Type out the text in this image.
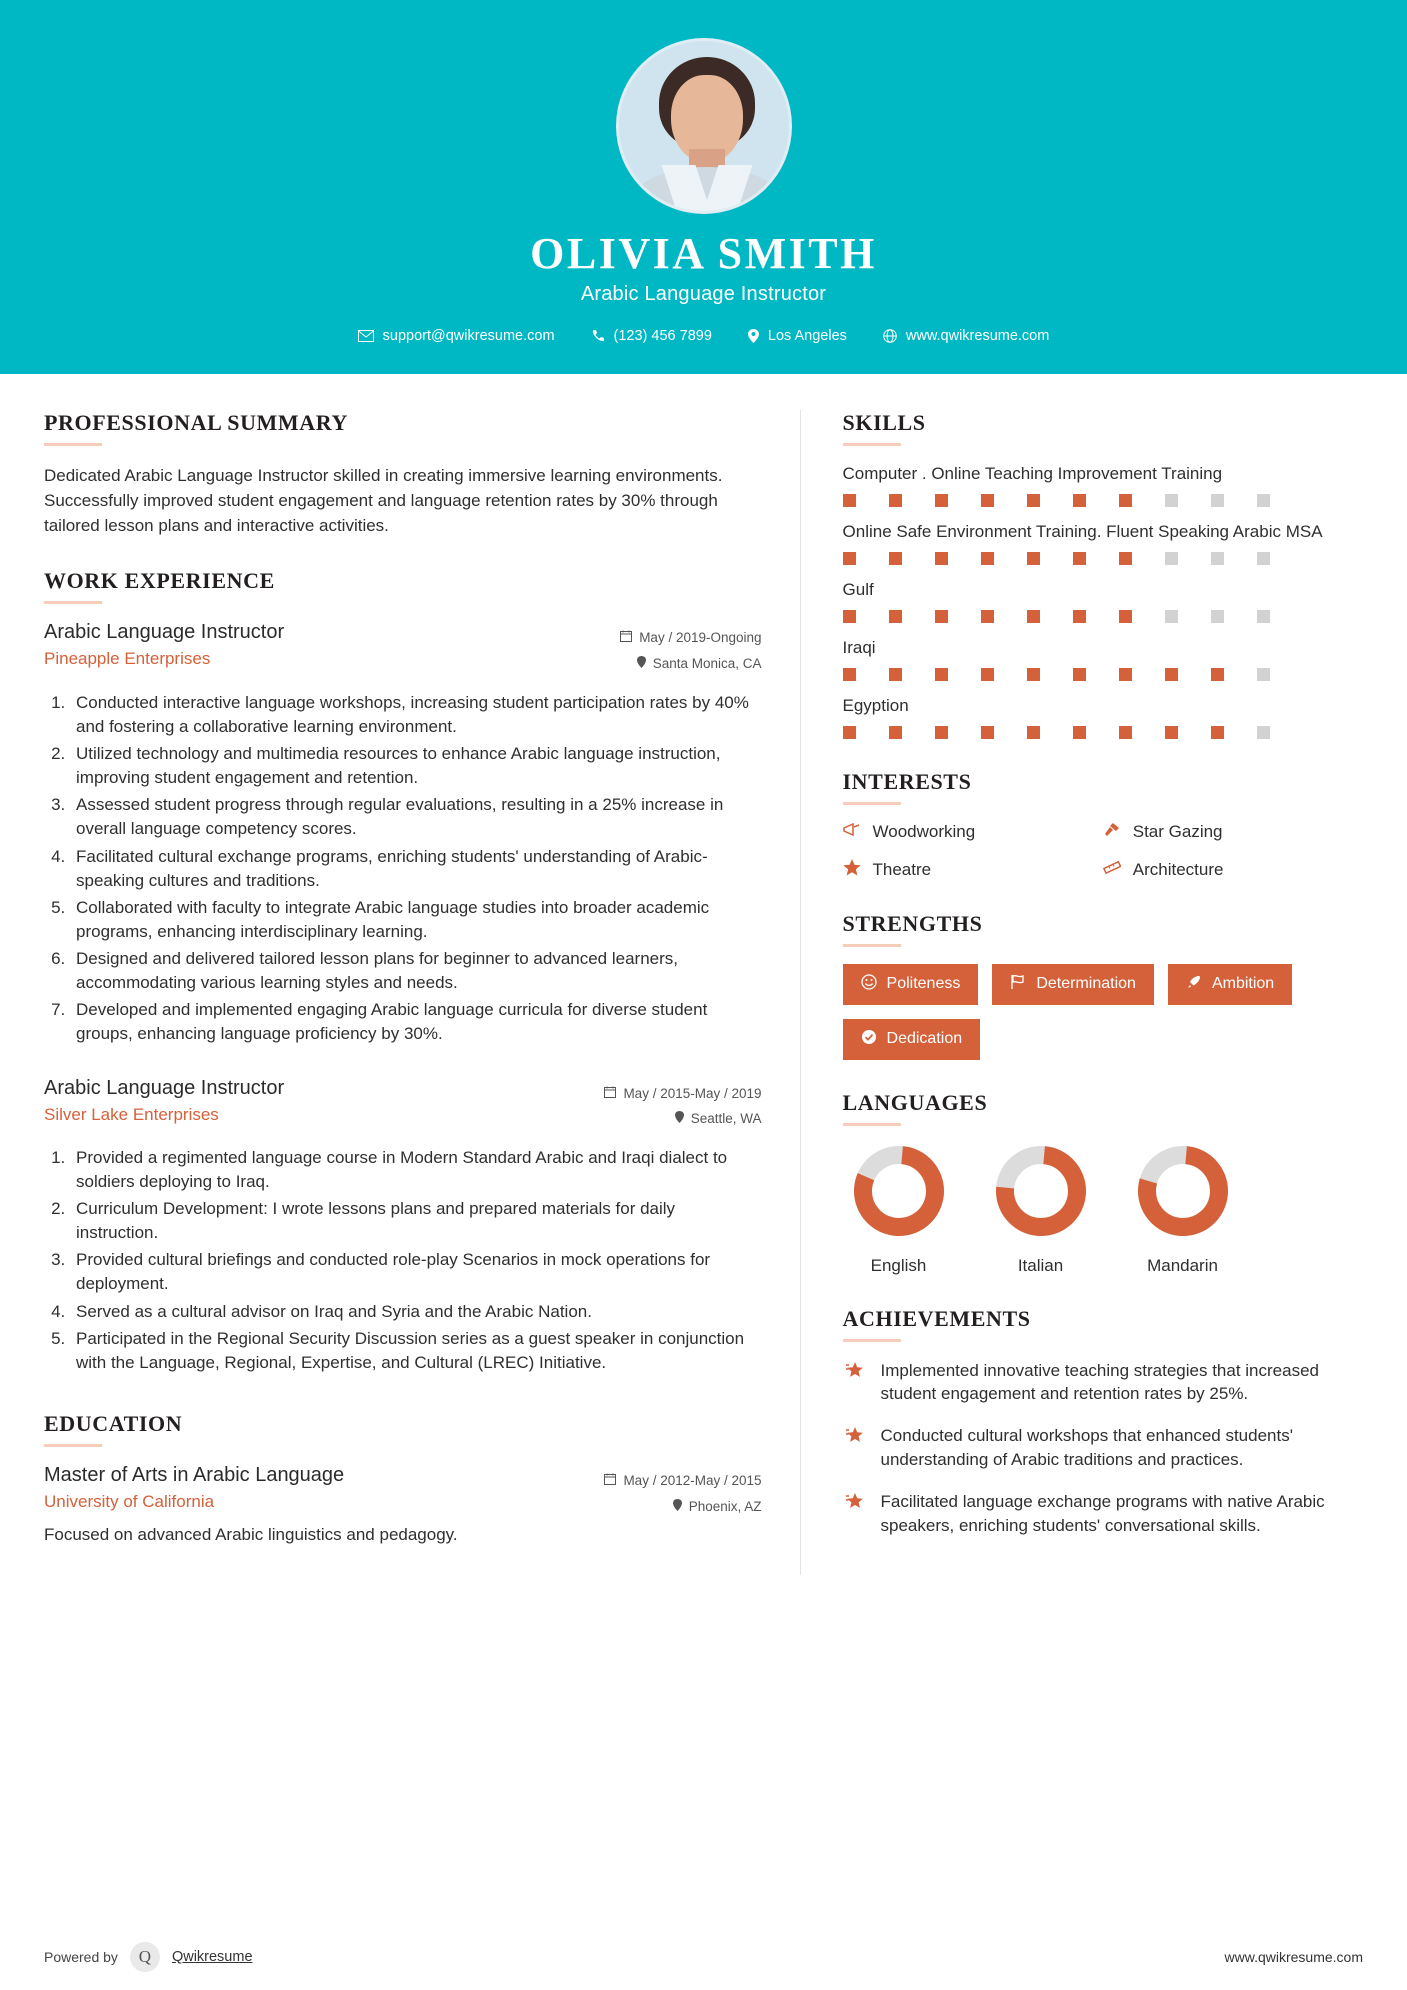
OLIVIA SMITH
Arabic Language Instructor
support@qwikresume.com	(123) 456 7899	Los Angeles	www.qwikresume.com
PROFESSIONAL SUMMARY

Dedicated Arabic Language Instructor skilled in creating immersive learning environments. Successfully improved student engagement and language retention rates by 30% through tailored lesson plans and interactive activities.

WORK EXPERIENCE
Arabic Language Instructor
Pineapple Enterprises
May / 2019-Ongoing
Santa Monica, CA
1. Conducted interactive language workshops, increasing student participation rates by 40% and fostering a collaborative learning environment.
2. Utilized technology and multimedia resources to enhance Arabic language instruction, improving student engagement and retention.
3. Assessed student progress through regular evaluations, resulting in a 25% increase in overall language competency scores.
4. Facilitated cultural exchange programs, enriching students' understanding of Arabic-speaking cultures and traditions.
5. Collaborated with faculty to integrate Arabic language studies into broader academic programs, enhancing interdisciplinary learning.
6. Designed and delivered tailored lesson plans for beginner to advanced learners, accommodating various learning styles and needs.
7. Developed and implemented engaging Arabic language curricula for diverse student groups, enhancing language proficiency by 30%.
Arabic Language Instructor
Silver Lake Enterprises
May / 2015-May / 2019
Seattle, WA
1. Provided a regimented language course in Modern Standard Arabic and Iraqi dialect to soldiers deploying to Iraq.
2. Curriculum Development: I wrote lessons plans and prepared materials for daily instruction.
3. Provided cultural briefings and conducted role-play Scenarios in mock operations for deployment.
4. Served as a cultural advisor on Iraq and Syria and the Arabic Nation.
5. Participated in the Regional Security Discussion series as a guest speaker in conjunction with the Language, Regional, Expertise, and Cultural (LREC) Initiative.
EDUCATION
Master of Arts in Arabic Language
University of California
May / 2012-May / 2015
Phoenix, AZ
Focused on advanced Arabic linguistics and pedagogy.
SKILLS
Computer . Online Teaching Improvement Training
Online Safe Environment Training. Fluent Speaking Arabic MSA
Gulf
Iraqi
Egyption
INTERESTS
Woodworking	Star Gazing
Theatre	Architecture
STRENGTHS
Politeness	Determination	Ambition
Dedication
LANGUAGES
English	Italian	Mandarin
ACHIEVEMENTS
Implemented innovative teaching strategies that increased student engagement and retention rates by 25%.
Conducted cultural workshops that enhanced students' understanding of Arabic traditions and practices.
Facilitated language exchange programs with native Arabic speakers, enriching students' conversational skills.
Powered by	Q	Qwikresume	www.qwikresume.com
